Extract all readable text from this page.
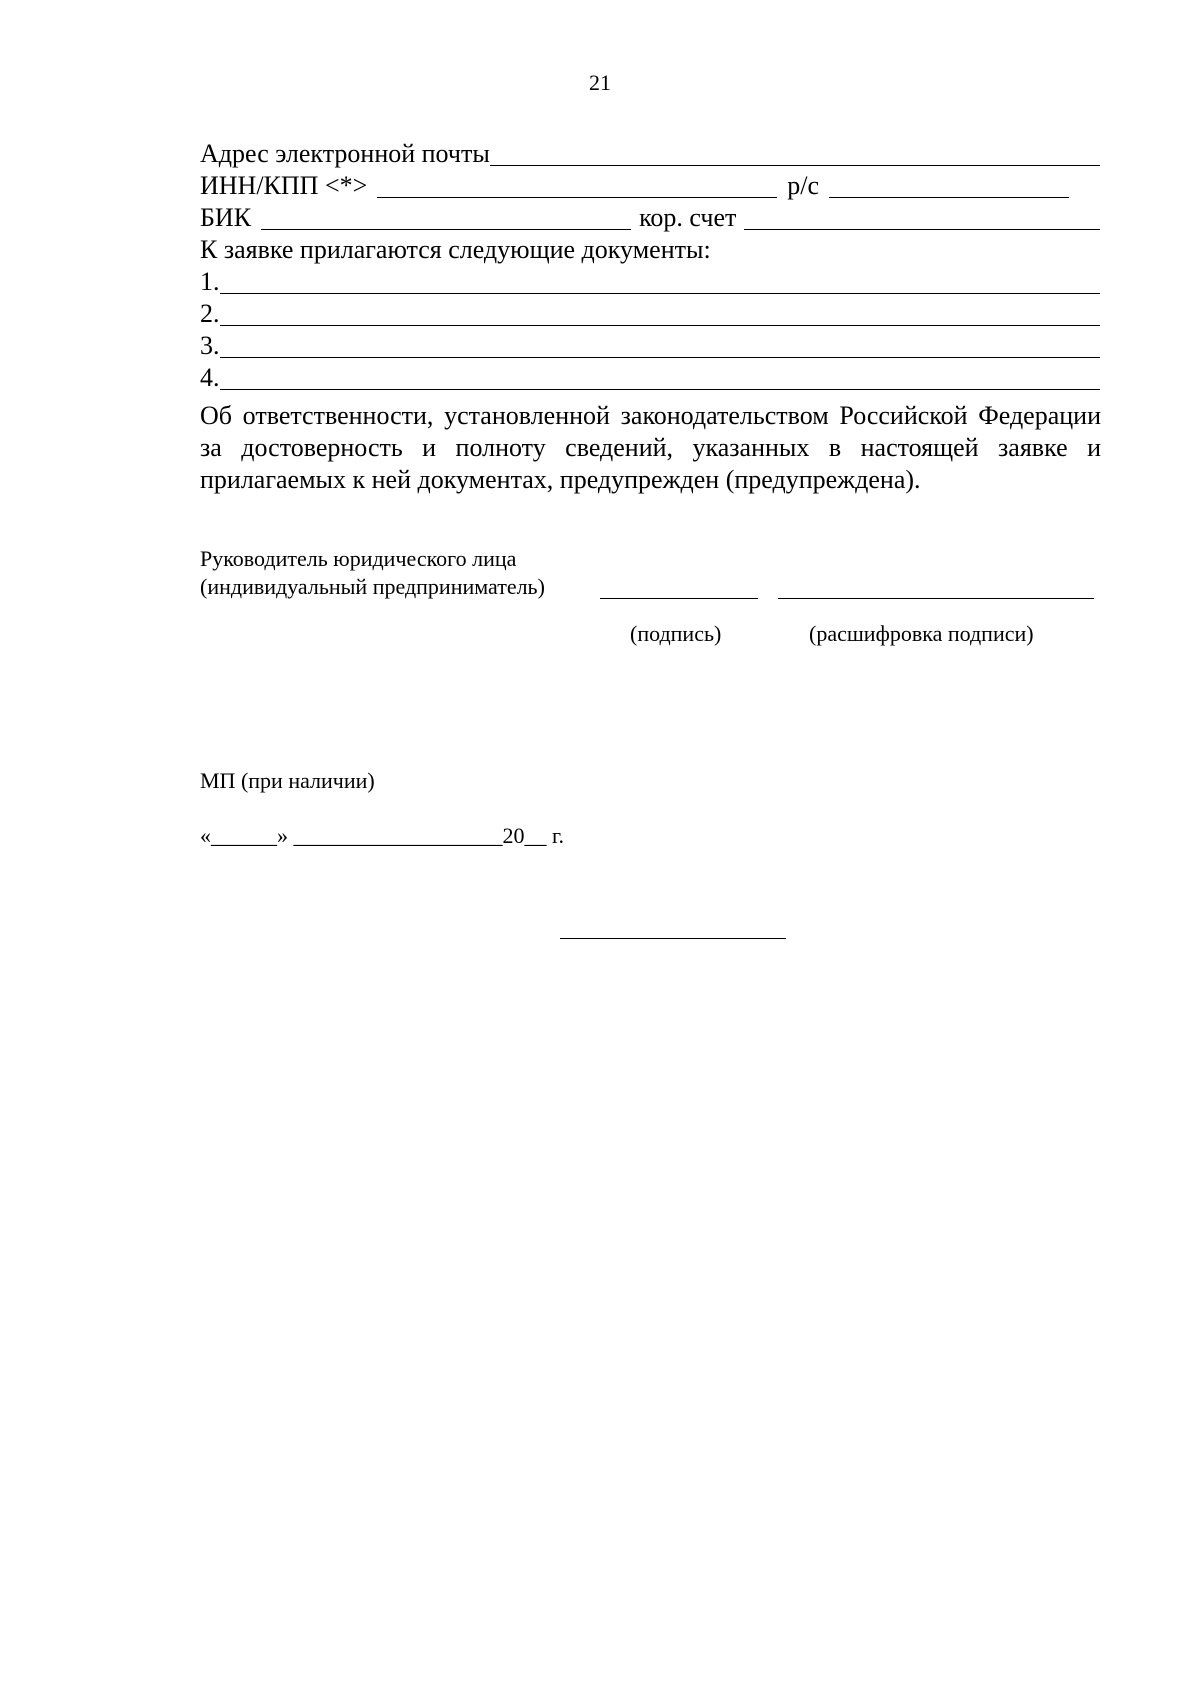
21
Адрес электронной почты
ИНН/КПП <*>	р/с
БИК	кор. счет
К заявке прилагаются следующие документы:
1.
2.
3.
4.
Об ответственности, установленной законодательством Российской Федерации за достоверность и полноту сведений, указанных в настоящей заявке и прилагаемых к ней документах, предупрежден (предупреждена).
Руководитель юридического лица
(индивидуальный предприниматель)
(подпись)	(расшифровка подписи)
МП (при наличии)
«______» ___________________20__ г.
